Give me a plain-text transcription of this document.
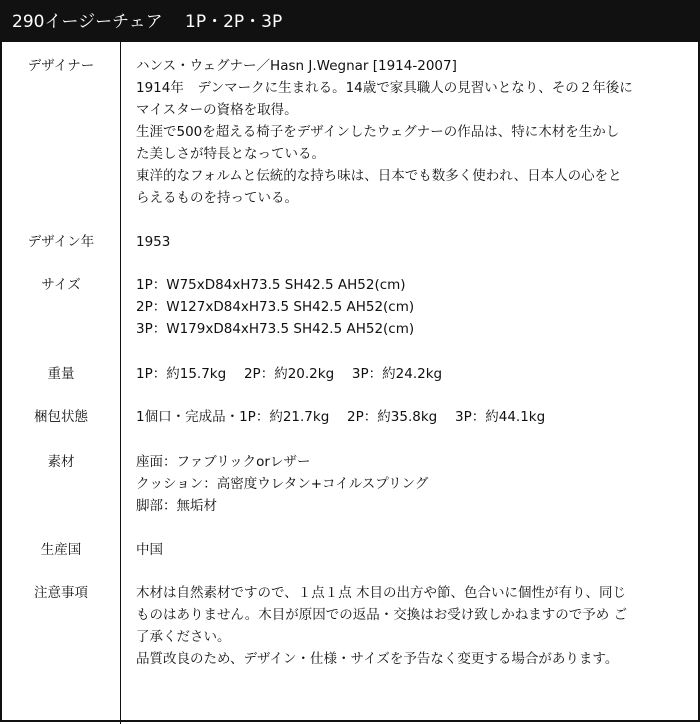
290イージーチェア　 1P・2P・3P
デザイナー	ハンス・ウェグナー／Hasn J.Wegnar [1914-2007]
1914年　デンマークに生まれる。14歳で家具職人の見習いとなり、その２年後に
マイスターの資格を取得。
生涯で500を超える椅子をデザインしたウェグナーの作品は、特に木材を生かし
た美しさが特長となっている。
東洋的なフォルムと伝統的な持ち味は、日本でも数多く使われ、日本人の心をと
らえるものを持っている。
デザイン年	1953
サイズ	1P：W75xD84xH73.5 SH42.5 AH52(cm)
2P：W127xD84xH73.5 SH42.5 AH52(cm)
3P：W179xD84xH73.5 SH42.5 AH52(cm)
重量	1P：約15.7kg　 2P：約20.2kg　 3P：約24.2kg
梱包状態	1個口・完成品・1P：約21.7kg　 2P：約35.8kg　 3P：約44.1kg
素材	座面：ファブリックorレザー
クッション：高密度ウレタン+コイルスプリング
脚部：無垢材
生産国	中国
注意事項	木材は自然素材ですので、１点１点 木目の出方や節、色合いに個性が有り、同じ
ものはありません。木目が原因での返品・交換はお受け致しかねますので予め ご
了承ください。
品質改良のため、デザイン・仕様・サイズを予告なく変更する場合があります。
